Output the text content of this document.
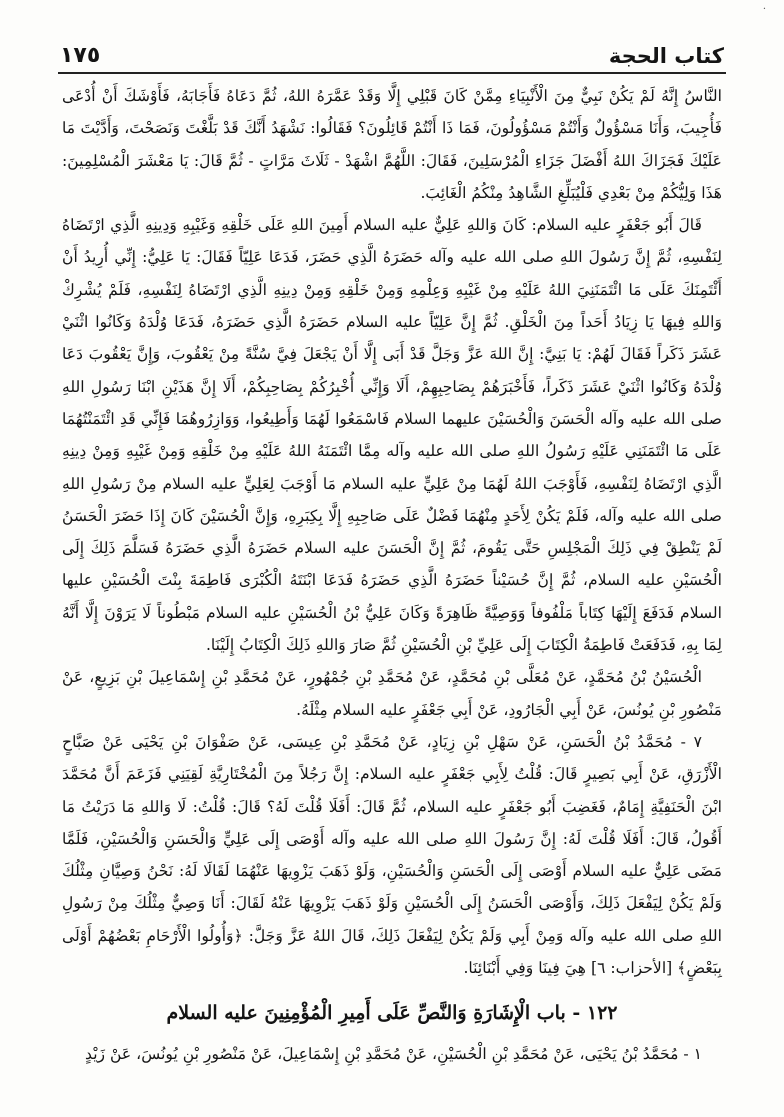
·
كتاب الحجة
١٧٥

النَّاسُ إِنَّهُ لَمْ يَكُنْ نَبِيٌّ مِنَ الْأَنْبِيَاءِ مِمَّنْ كَانَ قَبْلِي إِلَّا وَقَدْ عَمَّرَهُ اللهُ، ثُمَّ دَعَاهُ فَأَجَابَهُ، فَأَوْشَكَ أَنْ أُدْعَى فَأُجِيبَ، وَأَنَا مَسْؤُولٌ وَأَنْتُمْ مَسْؤُولُونَ، فَمَا ذَا أَنْتُمْ قَائِلُونَ؟ فَقَالُوا: نَشْهَدُ أَنَّكَ قَدْ بَلَّغْتَ وَنَصَحْتَ، وَأَدَّيْتَ مَا عَلَيْكَ فَجَزَاكَ اللهُ أَفْضَلَ جَزَاءِ الْمُرْسَلِينَ، فَقَالَ: اللَّهُمَّ اشْهَدْ - ثَلَاثَ مَرَّاتٍ - ثُمَّ قَالَ: يَا مَعْشَرَ الْمُسْلِمِينَ: هَذَا وَلِيُّكُمْ مِنْ بَعْدِي فَلْيُبَلِّغِ الشَّاهِدُ مِنْكُمُ الْغَائِبَ.

قَالَ أَبُو جَعْفَرٍ عليه السلام: كَانَ وَاللهِ عَلِيٌّ عليه السلام أَمِينَ اللهِ عَلَى خَلْقِهِ وَغَيْبِهِ وَدِينِهِ الَّذِي ارْتَضَاهُ لِنَفْسِهِ، ثُمَّ إِنَّ رَسُولَ اللهِ صلى الله عليه وآله حَضَرَهُ الَّذِي حَضَرَ، فَدَعَا عَلِيّاً فَقَالَ: يَا عَلِيُّ: إِنِّي أُرِيدُ أَنْ أَئْتَمِنَكَ عَلَى مَا ائْتَمَنَنِيَ اللهُ عَلَيْهِ مِنْ غَيْبِهِ وَعِلْمِهِ وَمِنْ خَلْقِهِ وَمِنْ دِينِهِ الَّذِي ارْتَضَاهُ لِنَفْسِهِ، فَلَمْ يُشْرِكْ وَاللهِ فِيهَا يَا زِيَادُ أَحَداً مِنَ الْخَلْقِ. ثُمَّ إِنَّ عَلِيّاً عليه السلام حَضَرَهُ الَّذِي حَضَرَهُ، فَدَعَا وُلْدَهُ وَكَانُوا اثْنَيْ عَشَرَ ذَكَراً فَقَالَ لَهُمْ: يَا بَنِيَّ: إِنَّ اللهَ عَزَّ وَجَلَّ قَدْ أَبَى إِلَّا أَنْ يَجْعَلَ فِيَّ سُنَّةً مِنْ يَعْقُوبَ، وَإِنَّ يَعْقُوبَ دَعَا وُلْدَهُ وَكَانُوا اثْنَيْ عَشَرَ ذَكَراً، فَأَخْبَرَهُمْ بِصَاحِبِهِمْ، أَلَا وَإِنِّي أُخْبِرُكُمْ بِصَاحِبِكُمْ، أَلَا إِنَّ هَذَيْنِ ابْنَا رَسُولِ اللهِ صلى الله عليه وآله الْحَسَنَ وَالْحُسَيْنَ عليهما السلام فَاسْمَعُوا لَهُمَا وَأَطِيعُوا، وَوَازِرُوهُمَا فَإِنِّي قَدِ ائْتَمَنْتُهُمَا عَلَى مَا ائْتَمَنَنِي عَلَيْهِ رَسُولُ اللهِ صلى الله عليه وآله مِمَّا ائْتَمَنَهُ اللهُ عَلَيْهِ مِنْ خَلْقِهِ وَمِنْ غَيْبِهِ وَمِنْ دِينِهِ الَّذِي ارْتَضَاهُ لِنَفْسِهِ، فَأَوْجَبَ اللهُ لَهُمَا مِنْ عَلِيٍّ عليه السلام مَا أَوْجَبَ لِعَلِيٍّ عليه السلام مِنْ رَسُولِ اللهِ صلى الله عليه وآله، فَلَمْ يَكُنْ لِأَحَدٍ مِنْهُمَا فَضْلٌ عَلَى صَاحِبِهِ إِلَّا بِكِبَرِهِ، وَإِنَّ الْحُسَيْنَ كَانَ إِذَا حَضَرَ الْحَسَنُ لَمْ يَنْطِقْ فِي ذَلِكَ الْمَجْلِسِ حَتَّى يَقُومَ، ثُمَّ إِنَّ الْحَسَنَ عليه السلام حَضَرَهُ الَّذِي حَضَرَهُ فَسَلَّمَ ذَلِكَ إِلَى الْحُسَيْنِ عليه السلام، ثُمَّ إِنَّ حُسَيْناً حَضَرَهُ الَّذِي حَضَرَهُ فَدَعَا ابْنَتَهُ الْكُبْرَى فَاطِمَةَ بِنْتَ الْحُسَيْنِ عليها السلام فَدَفَعَ إِلَيْهَا كِتَاباً مَلْفُوفاً وَوَصِيَّةً ظَاهِرَةً وَكَانَ عَلِيُّ بْنُ الْحُسَيْنِ عليه السلام مَبْطُوناً لَا يَرَوْنَ إِلَّا أَنَّهُ لِمَا بِهِ، فَدَفَعَتْ فَاطِمَةُ الْكِتَابَ إِلَى عَلِيِّ بْنِ الْحُسَيْنِ ثُمَّ صَارَ وَاللهِ ذَلِكَ الْكِتَابُ إِلَيْنَا.

الْحُسَيْنُ بْنُ مُحَمَّدٍ، عَنْ مُعَلَّى بْنِ مُحَمَّدٍ، عَنْ مُحَمَّدِ بْنِ جُمْهُورٍ، عَنْ مُحَمَّدِ بْنِ إِسْمَاعِيلَ بْنِ بَزِيعٍ، عَنْ مَنْصُورِ بْنِ يُونُسَ، عَنْ أَبِي الْجَارُودِ، عَنْ أَبِي جَعْفَرٍ عليه السلام مِثْلَهُ.

٧ - مُحَمَّدُ بْنُ الْحَسَنِ، عَنْ سَهْلِ بْنِ زِيَادٍ، عَنْ مُحَمَّدِ بْنِ عِيسَى، عَنْ صَفْوَانَ بْنِ يَحْيَى عَنْ صَبَّاحٍ الْأَزْرَقِ، عَنْ أَبِي بَصِيرٍ قَالَ: قُلْتُ لِأَبِي جَعْفَرٍ عليه السلام: إِنَّ رَجُلاً مِنَ الْمُخْتَارِيَّةِ لَقِيَنِي فَزَعَمَ أَنَّ مُحَمَّدَ ابْنَ الْحَنَفِيَّةِ إِمَامٌ، فَغَضِبَ أَبُو جَعْفَرٍ عليه السلام، ثُمَّ قَالَ: أَفَلَا قُلْتَ لَهُ؟ قَالَ: قُلْتُ: لَا وَاللهِ مَا دَرَيْتُ مَا أَقُولُ، قَالَ: أَفَلَا قُلْتَ لَهُ: إِنَّ رَسُولَ اللهِ صلى الله عليه وآله أَوْصَى إِلَى عَلِيٍّ وَالْحَسَنِ وَالْحُسَيْنِ، فَلَمَّا مَضَى عَلِيٌّ عليه السلام أَوْصَى إِلَى الْحَسَنِ وَالْحُسَيْنِ، وَلَوْ ذَهَبَ يَزْوِيهَا عَنْهُمَا لَقَالَا لَهُ: نَحْنُ وَصِيَّانِ مِثْلُكَ وَلَمْ يَكُنْ لِيَفْعَلَ ذَلِكَ، وَأَوْصَى الْحَسَنُ إِلَى الْحُسَيْنِ وَلَوْ ذَهَبَ يَزْوِيهَا عَنْهُ لَقَالَ: أَنَا وَصِيٌّ مِثْلُكَ مِنْ رَسُولِ اللهِ صلى الله عليه وآله وَمِنْ أَبِي وَلَمْ يَكُنْ لِيَفْعَلَ ذَلِكَ، قَالَ اللهُ عَزَّ وَجَلَّ: ﴿وَأُولُوا الْأَرْحَامِ بَعْضُهُمْ أَوْلَى بِبَعْضٍ﴾ [الأحزاب: ٦] هِيَ فِينَا وَفِي أَبْنَائِنَا.

١٢٢ - باب الْإِشَارَةِ وَالنَّصِّ عَلَى أَمِيرِ الْمُؤْمِنِينَ عليه السلام

١ - مُحَمَّدُ بْنُ يَحْيَى، عَنْ مُحَمَّدِ بْنِ الْحُسَيْنِ، عَنْ مُحَمَّدِ بْنِ إِسْمَاعِيلَ، عَنْ مَنْصُورِ بْنِ يُونُسَ، عَنْ زَيْدٍ
